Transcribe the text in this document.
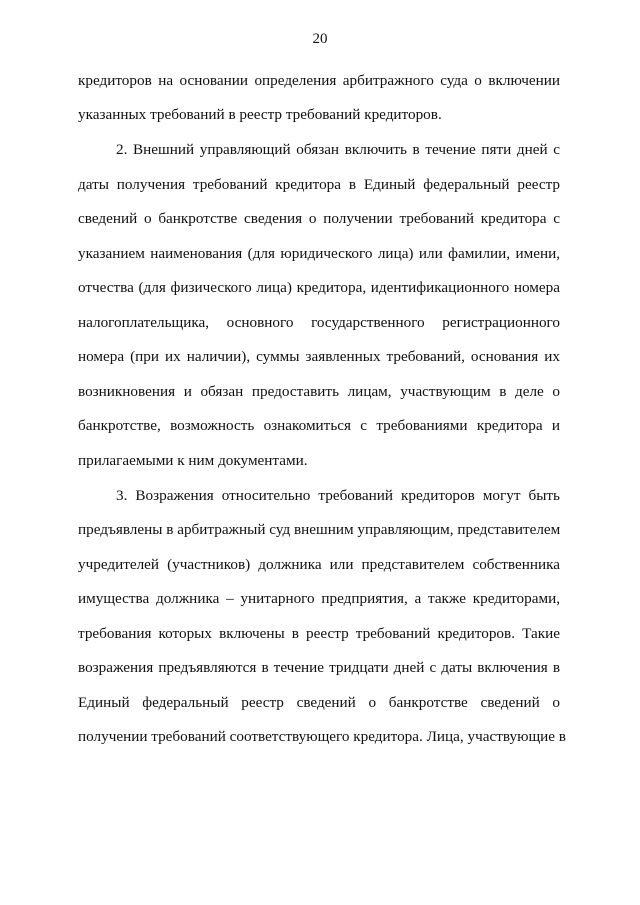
20
кредиторов на основании определения арбитражного суда о включении
указанных требований в реестр требований кредиторов.
2. Внешний управляющий обязан включить в течение пяти дней с
даты получения требований кредитора в Единый федеральный реестр
сведений о банкротстве сведения о получении требований кредитора с
указанием наименования (для юридического лица) или фамилии, имени,
отчества (для физического лица) кредитора, идентификационного номера
налогоплательщика, основного государственного регистрационного
номера (при их наличии), суммы заявленных требований, основания их
возникновения и обязан предоставить лицам, участвующим в деле о
банкротстве, возможность ознакомиться с требованиями кредитора и
прилагаемыми к ним документами.
3. Возражения относительно требований кредиторов могут быть
предъявлены в арбитражный суд внешним управляющим, представителем
учредителей (участников) должника или представителем собственника
имущества должника – унитарного предприятия, а также кредиторами,
требования которых включены в реестр требований кредиторов. Такие
возражения предъявляются в течение тридцати дней с даты включения в
Единый федеральный реестр сведений о банкротстве сведений о
получении требований соответствующего кредитора. Лица, участвующие в
